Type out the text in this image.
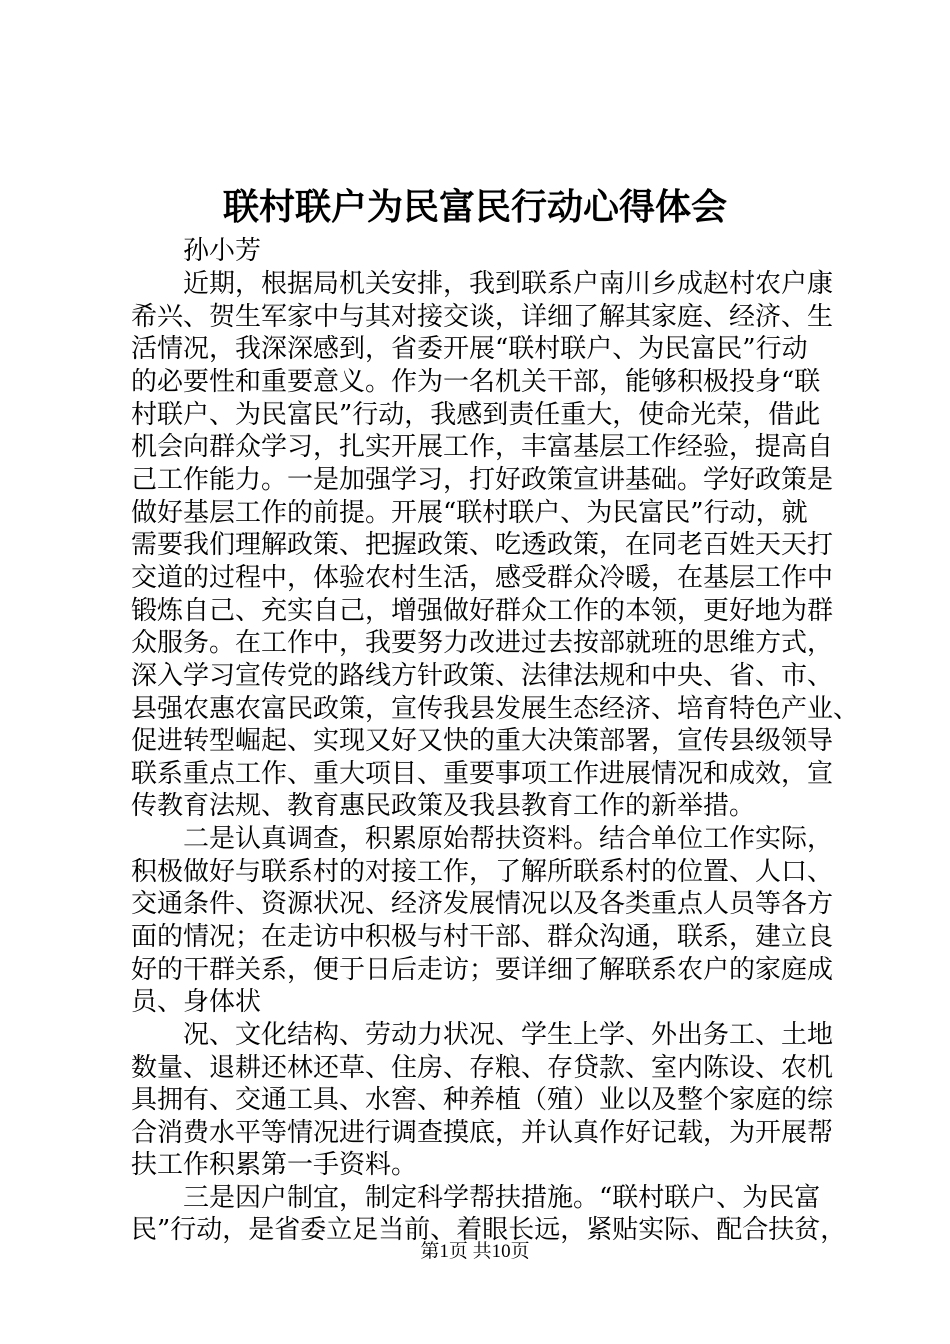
联村联户为民富民行动心得体会

孙小芳

近期，根据局机关安排，我到联系户南川乡成赵村农户康

希兴、贺生军家中与其对接交谈，详细了解其家庭、经济、生

活情况，我深深感到，省委开展“联村联户、为民富民”行动

的必要性和重要意义。作为一名机关干部，能够积极投身“联

村联户、为民富民”行动，我感到责任重大，使命光荣，借此

机会向群众学习，扎实开展工作，丰富基层工作经验，提高自

己工作能力。一是加强学习，打好政策宣讲基础。学好政策是

做好基层工作的前提。开展“联村联户、为民富民”行动，就

需要我们理解政策、把握政策、吃透政策，在同老百姓天天打

交道的过程中，体验农村生活，感受群众冷暖，在基层工作中

锻炼自己、充实自己，增强做好群众工作的本领，更好地为群

众服务。在工作中，我要努力改进过去按部就班的思维方式，

深入学习宣传党的路线方针政策、法律法规和中央、省、市、

县强农惠农富民政策，宣传我县发展生态经济、培育特色产业、

促进转型崛起、实现又好又快的重大决策部署，宣传县级领导

联系重点工作、重大项目、重要事项工作进展情况和成效，宣

传教育法规、教育惠民政策及我县教育工作的新举措。

二是认真调查，积累原始帮扶资料。结合单位工作实际，

积极做好与联系村的对接工作，了解所联系村的位置、人口、

交通条件、资源状况、经济发展情况以及各类重点人员等各方

面的情况；在走访中积极与村干部、群众沟通，联系，建立良

好的干群关系，便于日后走访；要详细了解联系农户的家庭成

员、身体状

况、文化结构、劳动力状况、学生上学、外出务工、土地

数量、退耕还林还草、住房、存粮、存贷款、室内陈设、农机

具拥有、交通工具、水窖、种养植（殖）业以及整个家庭的综

合消费水平等情况进行调查摸底，并认真作好记载，为开展帮

扶工作积累第一手资料。

三是因户制宜，制定科学帮扶措施。“联村联户、为民富

民”行动，是省委立足当前、着眼长远，紧贴实际、配合扶贫，

第1页 共10页
